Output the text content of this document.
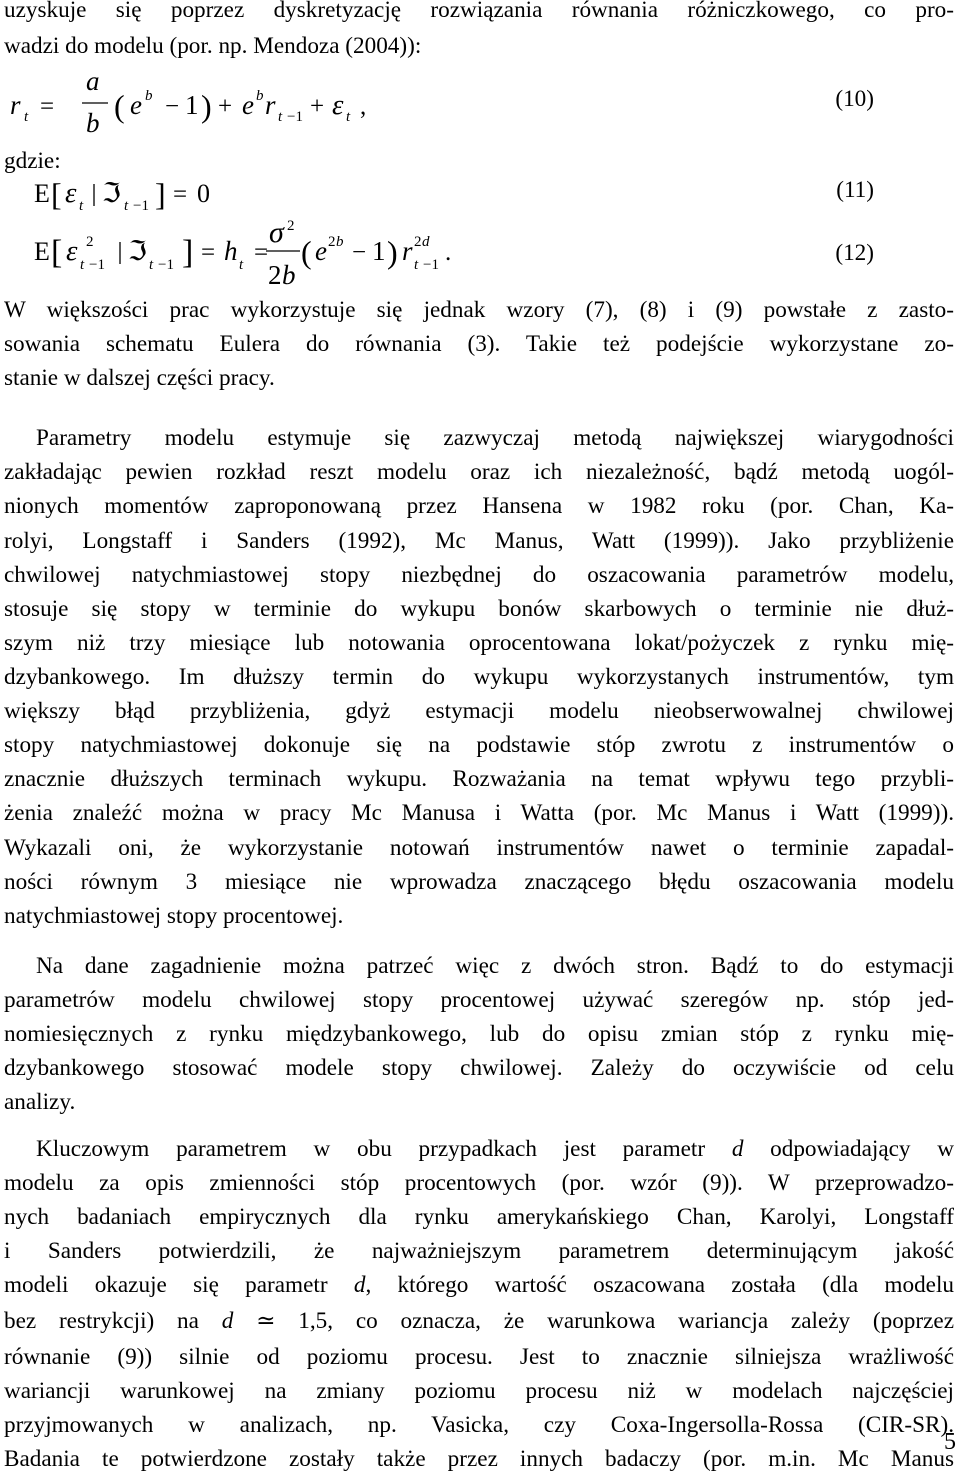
uzyskuje się poprzez dyskretyzację rozwiązania równania różniczkowego, co pro-
wadzi do modelu (por. np. Mendoza (2004)):
r t =
a
b ( e b − 1 ) + e b r t −1 + ε t ,	(10)
gdzie:
E [ ε t ℑ t −1 ] = 0	(11)
E [ ε 2
t −1 ℑ t −1 ] = h t =
σ 2
2 b
( e 2 b − 1 ) r 2 d
t −1 .	(12)
W większości prac wykorzystuje się jednak wzory (7), (8) i (9) powstałe z zasto-
sowania schematu Eulera do równania (3). Takie też podejście wykorzystane zo-
stanie w dalszej części pracy.
Parametry modelu estymuje się zazwyczaj metodą największej wiarygodności
zakładając pewien rozkład reszt modelu oraz ich niezależność, bądź metodą uogól-
nionych momentów zaproponowaną przez Hansena w 1982 roku (por. Chan, Ka-
rolyi, Longstaff i Sanders (1992), Mc Manus, Watt (1999)). Jako przybliżenie
chwilowej natychmiastowej stopy niezbędnej do oszacowania parametrów modelu,
stosuje się stopy w terminie do wykupu bonów skarbowych o terminie nie dłuż-
szym niż trzy miesiące lub notowania oprocentowana lokat/pożyczek z rynku mię-
dzybankowego. Im dłuższy termin do wykupu wykorzystanych instrumentów, tym
większy błąd przybliżenia, gdyż estymacji modelu nieobserwowalnej chwilowej
stopy natychmiastowej dokonuje się na podstawie stóp zwrotu z instrumentów o
znacznie dłuższych terminach wykupu. Rozważania na temat wpływu tego przybli-
żenia znaleźć można w pracy Mc Manusa i Watta (por. Mc Manus i Watt (1999)).
Wykazali oni, że wykorzystanie notowań instrumentów nawet o terminie zapadal-
ności równym 3 miesiące nie wprowadza znaczącego błędu oszacowania modelu
natychmiastowej stopy procentowej.
Na dane zagadnienie można patrzeć więc z dwóch stron. Bądź to do estymacji
parametrów modelu chwilowej stopy procentowej używać szeregów np. stóp jed-
nomiesięcznych z rynku międzybankowego, lub do opisu zmian stóp z rynku mię-
dzybankowego stosować modele stopy chwilowej. Zależy do oczywiście od celu
analizy.
Kluczowym parametrem w obu przypadkach jest parametr d odpowiadający w
modelu za opis zmienności stóp procentowych (por. wzór (9)). W przeprowadzo-
nych badaniach empirycznych dla rynku amerykańskiego Chan, Karolyi, Longstaff
i Sanders potwierdzili, że najważniejszym parametrem determinującym jakość
modeli okazuje się parametr d, którego wartość oszacowana została (dla modelu
bez restrykcji) na d ≃ 1,5, co oznacza, że warunkowa wariancja zależy (poprzez
równanie (9)) silnie od poziomu procesu. Jest to znacznie silniejsza wrażliwość
wariancji warunkowej na zmiany poziomu procesu niż w modelach najczęściej
przyjmowanych w analizach, np. Vasicka, czy Coxa-Ingersolla-Rossa (CIR-SR).
Badania te potwierdzone zostały także przez innych badaczy (por. m.in. Mc Manus
5
